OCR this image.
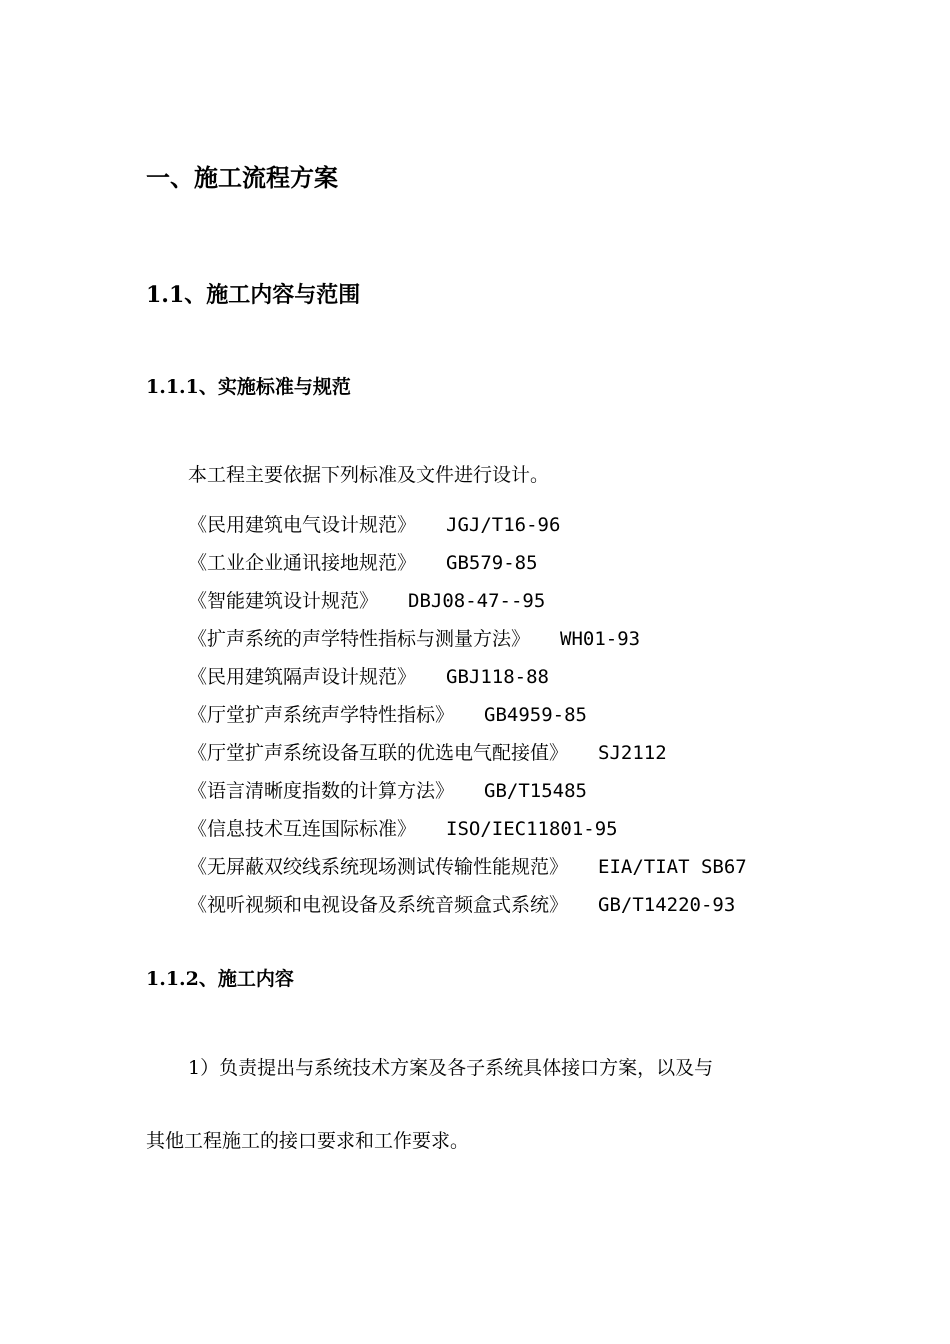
一、施工流程方案
1.1、施工内容与范围
1.1.1、实施标准与规范
本工程主要依据下列标准及文件进行设计。
《民用建筑电气设计规范》 JGJ/T16-96
《工业企业通讯接地规范》 GB579-85
《智能建筑设计规范》 DBJ08-47--95
《扩声系统的声学特性指标与测量方法》 WH01-93
《民用建筑隔声设计规范》 GBJ118-88
《厅堂扩声系统声学特性指标》 GB4959-85
《厅堂扩声系统设备互联的优选电气配接值》 SJ2112
《语言清晰度指数的计算方法》 GB/T15485
《信息技术互连国际标准》 ISO/IEC11801-95
《无屏蔽双绞线系统现场测试传输性能规范》 EIA/TIAT SB67
《视听视频和电视设备及系统音频盒式系统》 GB/T14220-93
1.1.2、施工内容
1）负责提出与系统技术方案及各子系统具体接口方案，以及与
其他工程施工的接口要求和工作要求。
